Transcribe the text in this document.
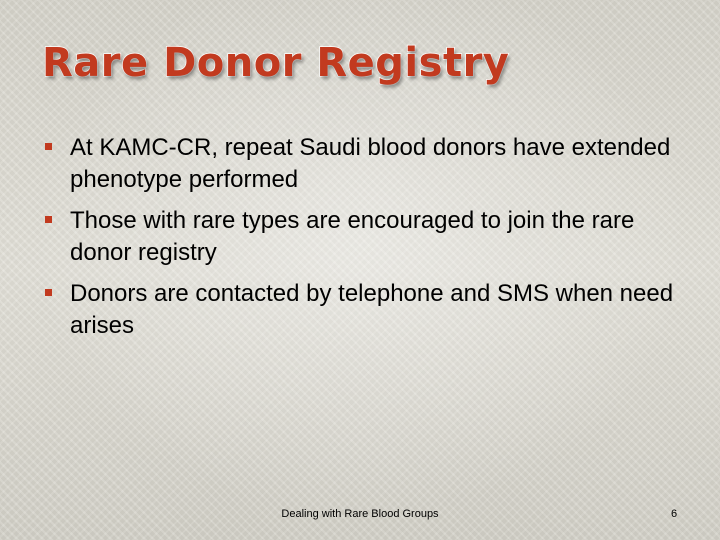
Rare Donor Registry
At KAMC-CR, repeat Saudi blood donors have extended phenotype performed
Those with rare types are encouraged to join the rare donor registry
Donors are contacted by telephone and SMS when need arises
Dealing with Rare Blood Groups	6
